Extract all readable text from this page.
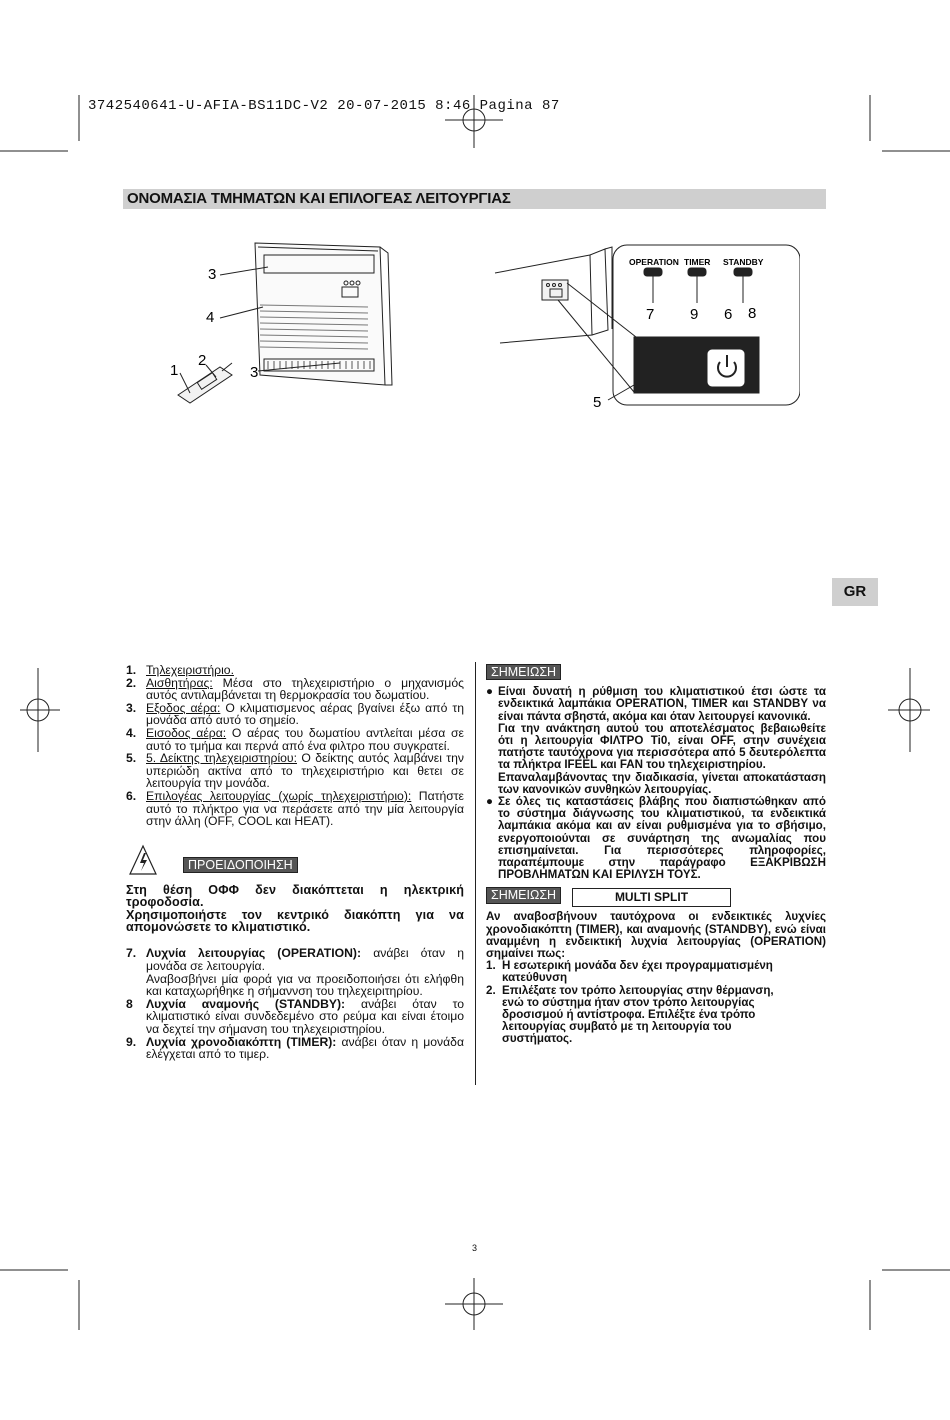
3742540641-U-AFIA-BS11DC-V2 20-07-2015 8:46 Pagina 87
ΟΝΟΜΑΣΙΑ ΤΜΗΜΑΤΩΝ ΚΑΙ ΕΠΙΛΟΓΕΑΣ ΛΕΙΤΟΥΡΓΙΑΣ
3
4
2
1	3
OPERATION TIMER STANDBY
7 9 6 8
5
GR
1. Τηλεχειριστήριο.
2. Αισθητήρας: Μέσα στο τηλεχειριστήριο ο μηχανισμός αυτός αντιλαμβάνεται τη θερμοκρασία του δωματίου.
3. Εξοδος αέρα: Ο κλιματισμενος αέρας βγαίνει έξω από τη μονάδα από αυτό το σημείο.
4. Εισοδος αέρα: Ο αέρας του δωματίου αντλείται μέσα σε αυτό το τμήμα και περνά από ένα φιλτρο που συγκρατεί.
5. 5. Δείκτης τηλεχειριστηρίου: Ο δείκτης αυτός λαμβάνει την υπεριώδη ακτίνα από το τηλεχειριστήριο και θετει σε λειτουργία την μονάδα.
6. Επιλογέας λειτουργίας (χωρίς τηλεχειριστήριο): Πατήστε αυτό το πλήκτρο για να περάσετε από την μία λειτουργία στην άλλη (OFF, COOL και HEAT).
ΠΡΟΕΙΔΟΠΟΙΗΣΗ
Στη θέση ΟΦΦ δεν διακόπτεται η ηλεκτρική τροφοδοσία.
Χρησιμοποιήστε τον κεντρικό διακόπτη για να απομονώσετε το κλιματιστικό.
7. Λυχνία λειτουργίας (OPERATION): ανάβει όταν η μονάδα σε λειτουργία.
Αναβοσβήνει μία φορά για να προειδοποιήσει ότι ελήφθη και καταχωρήθηκε η σήμαννση του τηλεχειριτηρίου.
8	Λυχνία αναμονής (STANDBY): ανάβει όταν το κλιματιστικό είναι συνδεδεμένο στο ρεύμα και είναι έτοιμο να δεχτεί την σήμανση του τηλεχειριστηρίου.
9. Λυχνία χρονοδιακόπτη (TIMER): ανάβει όταν η μονάδα ελέγχεται από το τιμερ.
ΣΗΜΕΙΩΣΗ
● Είναι δυνατή η ρύθμιση του κλιματιστικού έτσι ώστε τα ενδεικτικά λαμπάκια OPERATION, TIMER και STANDBY να είναι πάντα σβηστά, ακόμα και όταν λειτουργεί κανονικά.
Για την ανάκτηση αυτού του αποτελέσματος βεβαιωθείτε ότι η λειτουργία ΦΙΛΤΡΟ Ti0, είναι OFF, στην συνέχεια πατήστε ταυτόχρονα για περισσότερα από 5 δευτερόλεπτα τα πλήκτρα IFEEL και FAN του τηλεχειριστηρίου.
Επαναλαμβάνοντας την διαδικασία, γίνεται αποκατάσταση των κανονικών συνθηκών λειτουργίας.
● Σε όλες τις καταστάσεις βλάβης που διαπιστώθηκαν από το σύστημα διάγνωσης του κλιματιστικού, τα ενδεικτικά λαμπάκια ακόμα και αν είναι ρυθμισμένα για το σβήσιμο, ενεργοποιούνται σε συνάρτηση της ανωμαλίας που επισημαίνεται. Για περισσότερες πληροφορίες, παραπέμπουμε στην παράγραφο ΕΞΑΚΡΙΒΩΣΗ ΠΡΟΒΛΗΜΑΤΩΝ ΚΑΙ ΕΡΙΛΥΣΗ ΤΟΥΣ.
ΣΗΜΕΙΩΣΗ	MULTI SPLIT
Αν αναβοσβήνουν ταυτόχρονα οι ενδεικτικές λυχνίες χρονοδιακόπτη (TIMER), και αναμονής (STANDBY), ενώ είναι αναμμένη η ενδεικτική λυχνία λειτουργίας (OPERATION) σημαίνει πως:
1. Η εσωτερική μονάδα δεν έχει προγραμματισμένη κατεύθυνση
2. Επιλέξατε τον τρόπο λειτουργίας στην θέρμανση, ενώ το σύστημα ήταν στον τρόπο λειτουργίας δροσισμού ή αντίστροφα. Επιλέξτε ένα τρόπο λειτουργίας συμβατό με τη λειτουργία του συστήματος.
3
